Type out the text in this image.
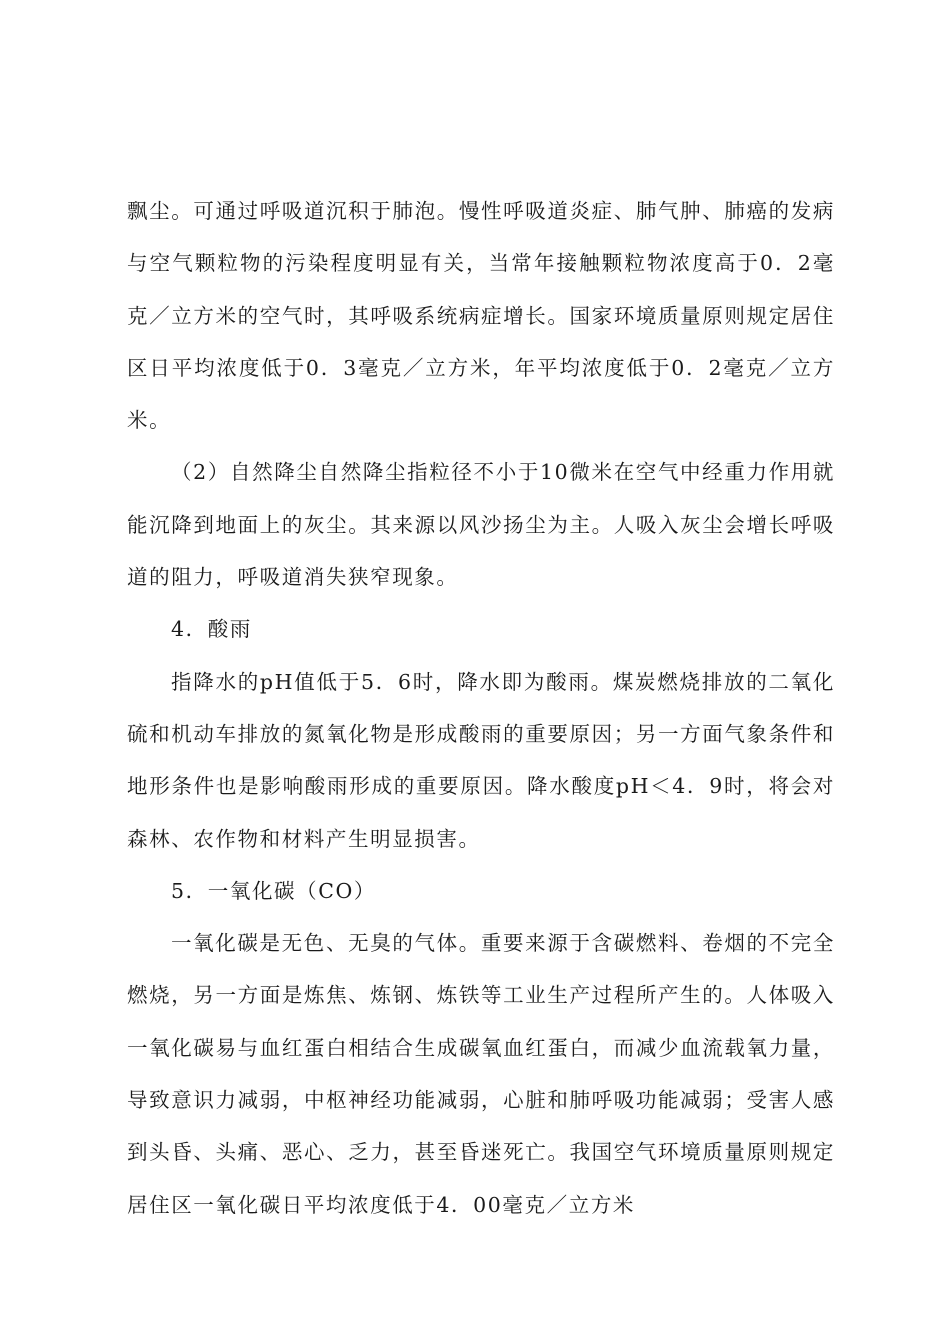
飘尘。可通过呼吸道沉积于肺泡。慢性呼吸道炎症、肺气肿、肺癌的发病与空气颗粒物的污染程度明显有关，当常年接触颗粒物浓度高于0．2毫克／立方米的空气时，其呼吸系统病症增长。国家环境质量原则规定居住区日平均浓度低于0．3毫克／立方米，年平均浓度低于0．2毫克／立方米。

（2）自然降尘自然降尘指粒径不小于10微米在空气中经重力作用就能沉降到地面上的灰尘。其来源以风沙扬尘为主。人吸入灰尘会增长呼吸道的阻力，呼吸道消失狭窄现象。

4．酸雨

指降水的pH值低于5．6时，降水即为酸雨。煤炭燃烧排放的二氧化硫和机动车排放的氮氧化物是形成酸雨的重要原因；另一方面气象条件和地形条件也是影响酸雨形成的重要原因。降水酸度pH＜4．9时，将会对森林、农作物和材料产生明显损害。

5．一氧化碳（CO）

一氧化碳是无色、无臭的气体。重要来源于含碳燃料、卷烟的不完全燃烧，另一方面是炼焦、炼钢、炼铁等工业生产过程所产生的。人体吸入一氧化碳易与血红蛋白相结合生成碳氧血红蛋白，而减少血流载氧力量，导致意识力减弱，中枢神经功能减弱，心脏和肺呼吸功能减弱；受害人感到头昏、头痛、恶心、乏力，甚至昏迷死亡。我国空气环境质量原则规定居住区一氧化碳日平均浓度低于4．00毫克／立方米
